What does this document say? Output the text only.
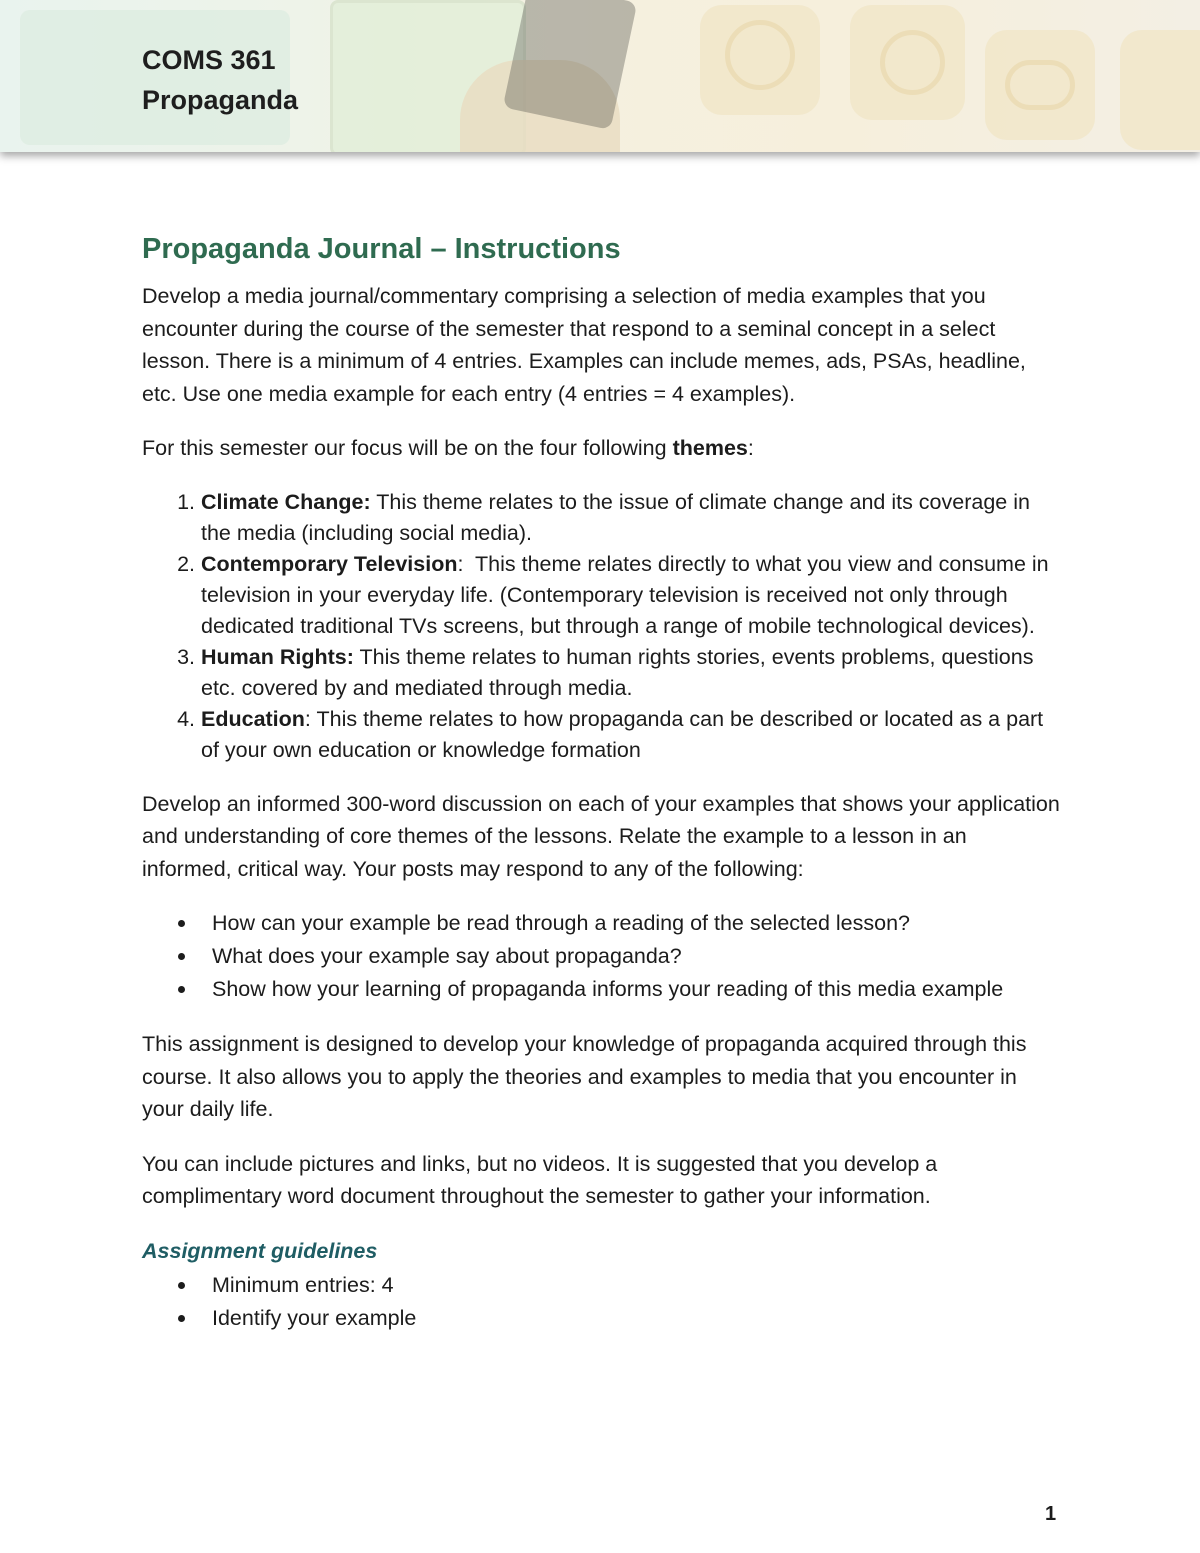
COMS 361
Propaganda
Propaganda Journal – Instructions

Develop a media journal/commentary comprising a selection of media examples that you encounter during the course of the semester that respond to a seminal concept in a select lesson. There is a minimum of 4 entries. Examples can include memes, ads, PSAs, headline, etc. Use one media example for each entry (4 entries = 4 examples).

For this semester our focus will be on the four following themes:

1. Climate Change: This theme relates to the issue of climate change and its coverage in the media (including social media).
2. Contemporary Television:  This theme relates directly to what you view and consume in television in your everyday life. (Contemporary television is received not only through dedicated traditional TVs screens, but through a range of mobile technological devices).
3. Human Rights: This theme relates to human rights stories, events problems, questions etc. covered by and mediated through media.
4. Education: This theme relates to how propaganda can be described or located as a part of your own education or knowledge formation

Develop an informed 300-word discussion on each of your examples that shows your application and understanding of core themes of the lessons. Relate the example to a lesson in an informed, critical way. Your posts may respond to any of the following:

How can your example be read through a reading of the selected lesson?
What does your example say about propaganda?
Show how your learning of propaganda informs your reading of this media example

This assignment is designed to develop your knowledge of propaganda acquired through this course. It also allows you to apply the theories and examples to media that you encounter in your daily life.

You can include pictures and links, but no videos. It is suggested that you develop a complimentary word document throughout the semester to gather your information.

Assignment guidelines
Minimum entries: 4
Identify your example
1
